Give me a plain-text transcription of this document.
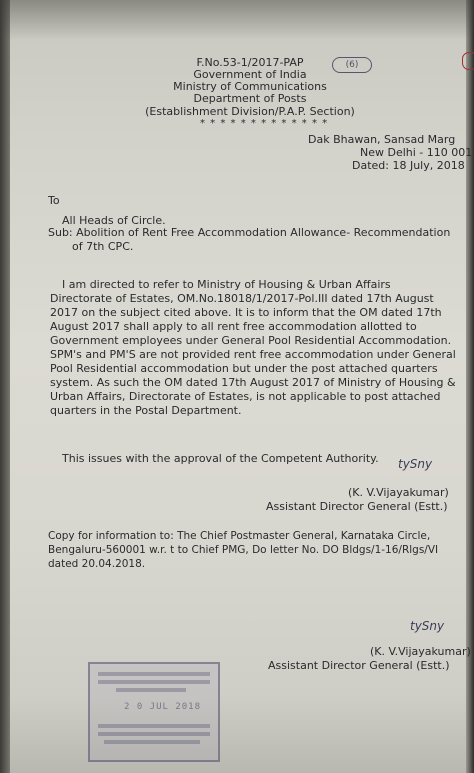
F.No.53-1/2017-PAP
Government of India
Ministry of Communications
Department of Posts
(Establishment Division/P.A.P. Section)
* * * * * * * * * * * * *
(6)
Dak Bhawan, Sansad Marg
New Delhi - 110 001
Dated: 18 July, 2018
To
All Heads of Circle.
Sub: Abolition of Rent Free Accommodation Allowance- Recommendation
of 7th CPC.
I am directed to refer to Ministry of Housing & Urban Affairs
Directorate of Estates, OM.No.18018/1/2017-Pol.III dated 17th August
2017 on the subject cited above. It is to inform that the OM dated 17th
August 2017 shall apply to all rent free accommodation allotted to
Government employees under General Pool Residential Accommodation.
SPM's and PM'S are not provided rent free accommodation under General
Pool Residential accommodation but under the post attached quarters
system. As such the OM dated 17th August 2017 of Ministry of Housing &
Urban Affairs, Directorate of Estates, is not applicable to post attached
quarters in the Postal Department.
This issues with the approval of the Competent Authority.	tySny
(K. V.Vijayakumar)
Assistant Director General (Estt.)
Copy for information to: The Chief Postmaster General, Karnataka Circle,
Bengaluru-560001 w.r. t to Chief PMG, Do letter No. DO Bldgs/1-16/Rlgs/VI
dated 20.04.2018.
tySny
(K. V.Vijayakumar)
Assistant Director General (Estt.)
2 0 JUL 2018
